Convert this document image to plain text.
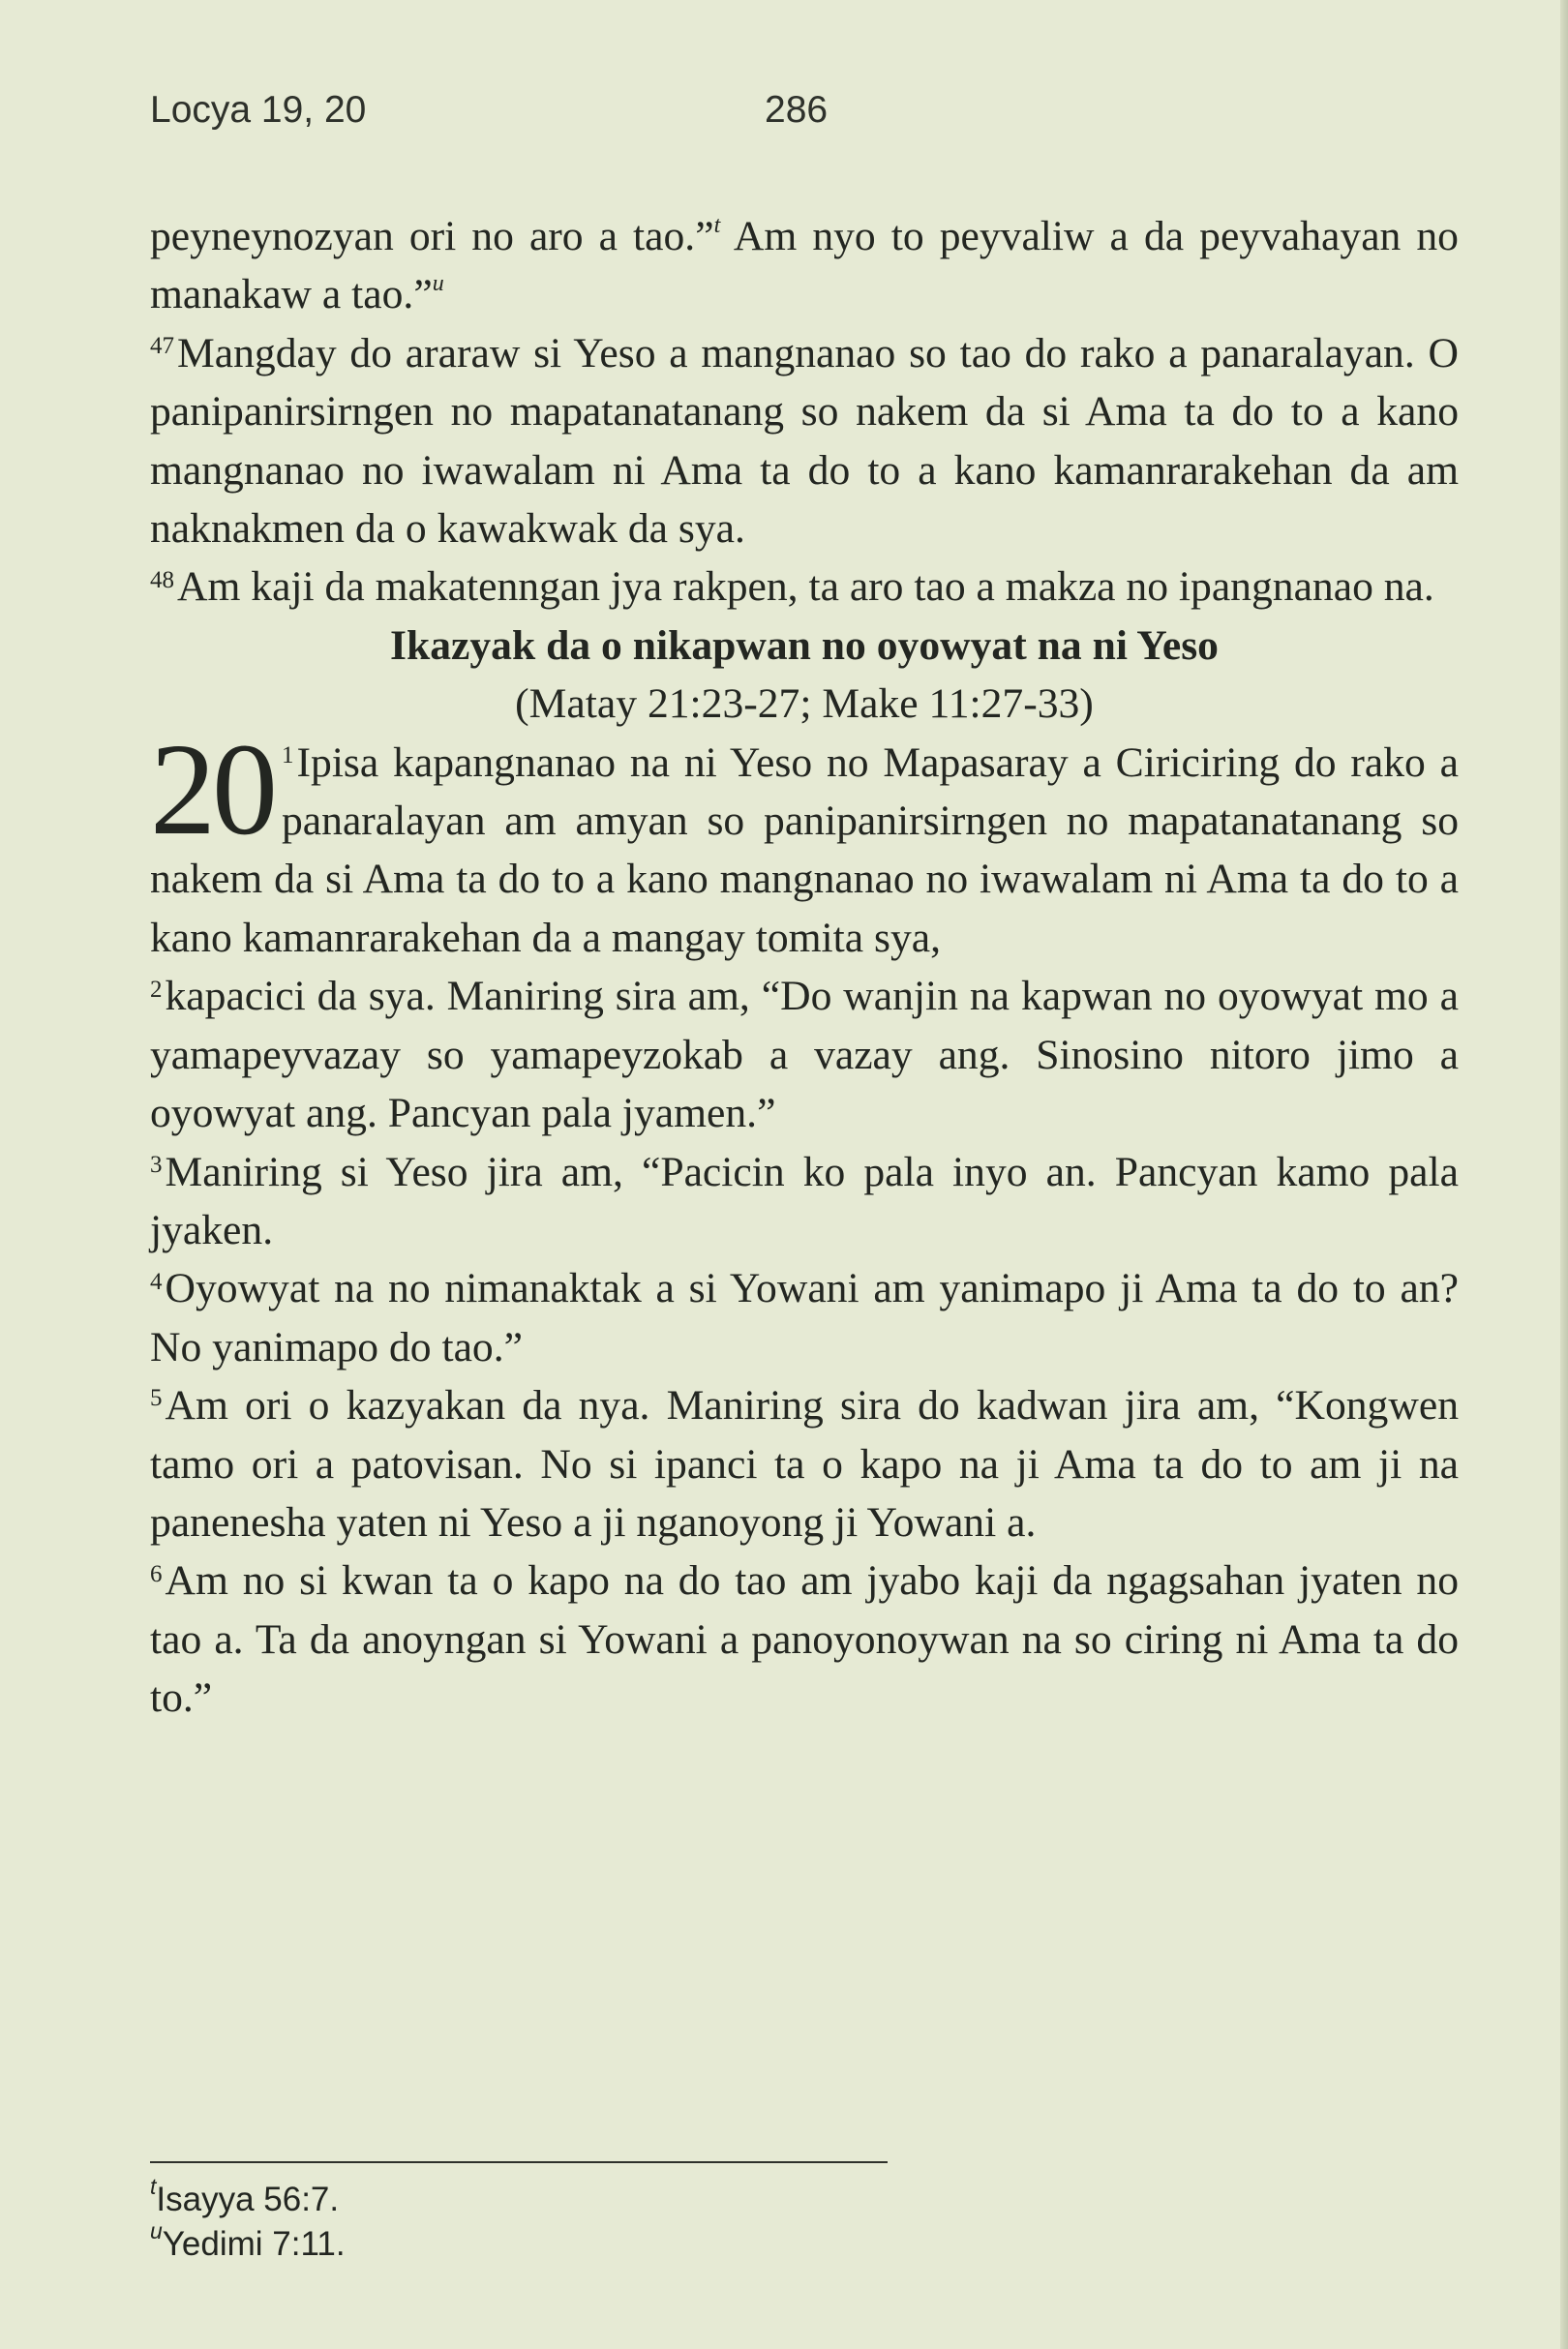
Locya 19, 20	286

peyneynozyan ori no aro a tao.”$^t$ Am nyo to peyvaliw a da peyvahayan no manakaw a tao.”$^u$

$^{47}$Mangday do araraw si Yeso a mangnanao so tao do rako a panaralayan. O panipanirsirngen no mapatanatanang so nakem da si Ama ta do to a kano mangnanao no iwawalam ni Ama ta do to a kano kamanrarakehan da am naknakmen da o kawakwak da sya.

$^{48}$Am kaji da makatenngan jya rakpen, ta aro tao a makza no ipangnanao na.

Ikazyak da o nikapwan no oyowyat na ni Yeso

(Matay 21:23-27; Make 11:27-33)

20 $^1$Ipisa kapangnanao na ni Yeso no Mapasaray a Ciriciring do rako a panaralayan am amyan so panipanirsirngen no mapatanatanang so nakem da si Ama ta do to a kano mangnanao no iwawalam ni Ama ta do to a kano kamanrarakehan da a mangay tomita sya,

$^2$kapacici da sya. Maniring sira am, “Do wanjin na kapwan no oyowyat mo a yamapeyvazay so yamapeyzokab a vazay ang. Sinosino nitoro jimo a oyowyat ang. Pancyan pala jyamen.”

$^3$Maniring si Yeso jira am, “Pacicin ko pala inyo an. Pancyan kamo pala jyaken.

$^4$Oyowyat na no nimanaktak a si Yowani am yanimapo ji Ama ta do to an? No yanimapo do tao.”

$^5$Am ori o kazyakan da nya. Maniring sira do kadwan jira am, “Kongwen tamo ori a patovisan. No si ipanci ta o kapo na ji Ama ta do to am ji na panenesha yaten ni Yeso a ji nganoyong ji Yowani a.

$^6$Am no si kwan ta o kapo na do tao am jyabo kaji da ngagsahan jyaten no tao a. Ta da anoyngan si Yowani a panoyonoywan na so ciring ni Ama ta do to.”

$^t$Isayya 56:7.
$^u$Yedimi 7:11.
